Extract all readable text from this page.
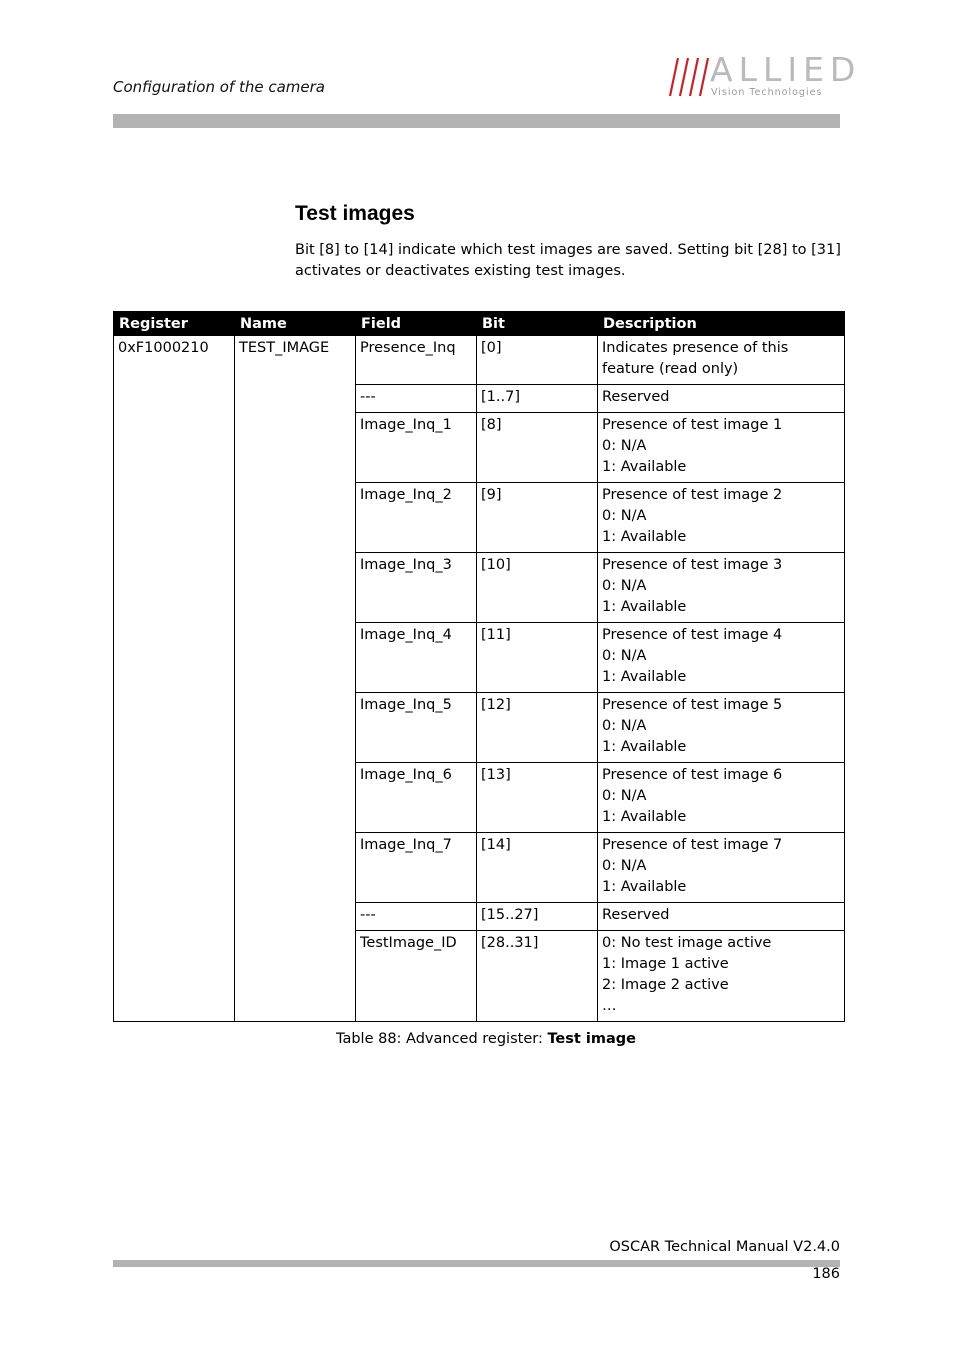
Configuration of the camera	ALLIED
Vision Technologies
Test images

Bit [8] to [14] indicate which test images are saved. Setting bit [28] to [31] activates or deactivates existing test images.

Register	Name	Field	Bit	Description
0xF1000210	TEST_IMAGE	Presence_Inq	[0]	Indicates presence of this feature (read only)
		---	[1..7]	Reserved
		Image_Inq_1	[8]	Presence of test image 1
0: N/A
1: Available
		Image_Inq_2	[9]	Presence of test image 2
0: N/A
1: Available
		Image_Inq_3	[10]	Presence of test image 3
0: N/A
1: Available
		Image_Inq_4	[11]	Presence of test image 4
0: N/A
1: Available
		Image_Inq_5	[12]	Presence of test image 5
0: N/A
1: Available
		Image_Inq_6	[13]	Presence of test image 6
0: N/A
1: Available
		Image_Inq_7	[14]	Presence of test image 7
0: N/A
1: Available
		---	[15..27]	Reserved
		TestImage_ID	[28..31]	0: No test image active
1: Image 1 active
2: Image 2 active
…
Table 88: Advanced register: Test image
OSCAR Technical Manual V2.4.0
186
